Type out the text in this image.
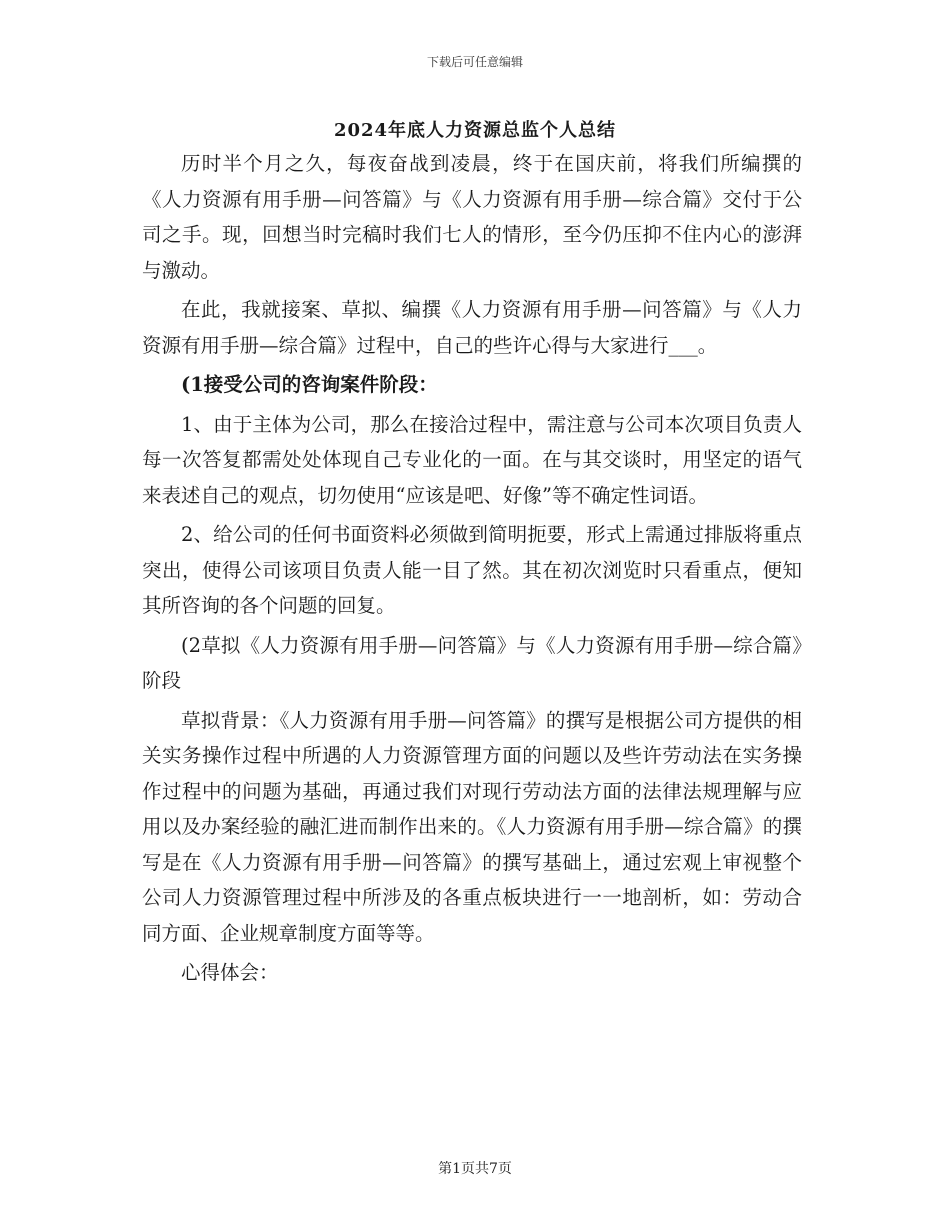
下载后可任意编辑
2024年底人力资源总监个人总结

历时半个月之久，每夜奋战到凌晨，终于在国庆前，将我们所编撰的《人力资源有用手册—问答篇》与《人力资源有用手册—综合篇》交付于公司之手。现，回想当时完稿时我们七人的情形，至今仍压抑不住内心的澎湃与激动。

在此，我就接案、草拟、编撰《人力资源有用手册—问答篇》与《人力资源有用手册—综合篇》过程中，自己的些许心得与大家进行___。

(1接受公司的咨询案件阶段：

1、由于主体为公司，那么在接洽过程中，需注意与公司本次项目负责人每一次答复都需处处体现自己专业化的一面。在与其交谈时，用坚定的语气来表述自己的观点，切勿使用“应该是吧、好像”等不确定性词语。

2、给公司的任何书面资料必须做到简明扼要，形式上需通过排版将重点突出，使得公司该项目负责人能一目了然。其在初次浏览时只看重点，便知其所咨询的各个问题的回复。

(2草拟《人力资源有用手册—问答篇》与《人力资源有用手册—综合篇》阶段

草拟背景：《人力资源有用手册—问答篇》的撰写是根据公司方提供的相关实务操作过程中所遇的人力资源管理方面的问题以及些许劳动法在实务操作过程中的问题为基础，再通过我们对现行劳动法方面的法律法规理解与应用以及办案经验的融汇进而制作出来的。《人力资源有用手册—综合篇》的撰写是在《人力资源有用手册—问答篇》的撰写基础上，通过宏观上审视整个公司人力资源管理过程中所涉及的各重点板块进行一一地剖析，如：劳动合同方面、企业规章制度方面等等。

心得体会：

第1页共7页
